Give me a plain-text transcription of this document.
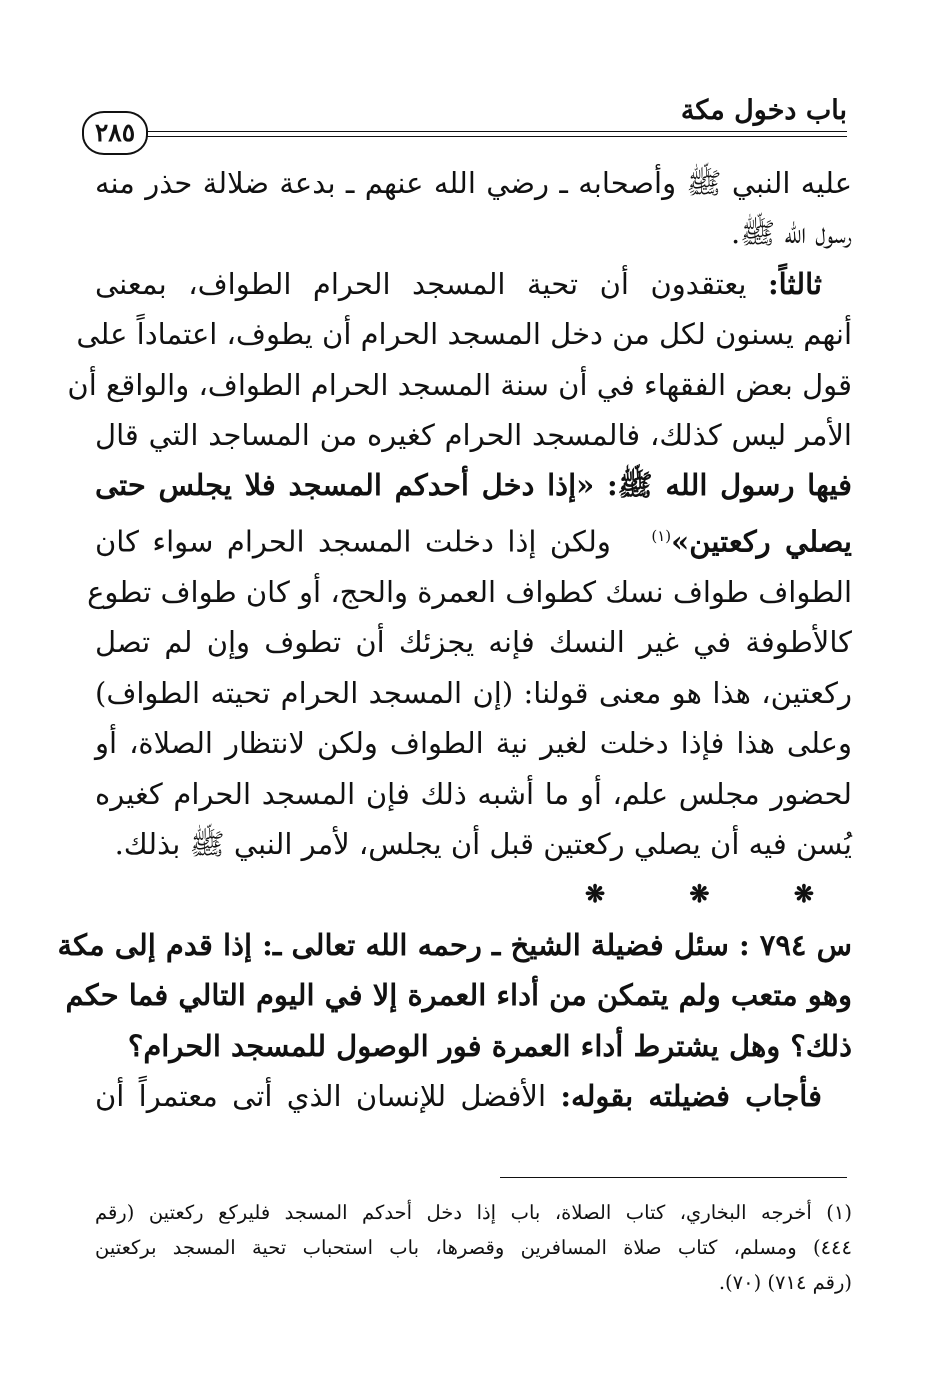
باب دخول مكة
٢٨٥
عليه النبي ﷺ وأصحابه ـ رضي الله عنهم ـ بدعة ضلالة حذر منه
رسول الله ﷺ.
ثالثاً: يعتقدون أن تحية المسجد الحرام الطواف، بمعنى
أنهم يسنون لكل من دخل المسجد الحرام أن يطوف، اعتماداً على
قول بعض الفقهاء في أن سنة المسجد الحرام الطواف، والواقع أن
الأمر ليس كذلك، فالمسجد الحرام كغيره من المساجد التي قال
فيها رسول الله ﷺ: «إذا دخل أحدكم المسجد فلا يجلس حتى
يصلي ركعتين»$^{(١)}$   ولكن إذا دخلت المسجد الحرام سواء كان
الطواف طواف نسك كطواف العمرة والحج، أو كان طواف تطوع
كالأطوفة في غير النسك فإنه يجزئك أن تطوف وإن لم تصل
ركعتين، هذا هو معنى قولنا: (إن المسجد الحرام تحيته الطواف)
وعلى هذا فإذا دخلت لغير نية الطواف ولكن لانتظار الصلاة، أو
لحضور مجلس علم، أو ما أشبه ذلك فإن المسجد الحرام كغيره
يُسن فيه أن يصلي ركعتين قبل أن يجلس، لأمر النبي ﷺ بذلك.
❋ ❋ ❋
س ٧٩٤ : سئل فضيلة الشيخ ـ رحمه الله تعالى ـ: إذا قدم إلى مكة
وهو متعب ولم يتمكن من أداء العمرة إلا في اليوم التالي فما حكم
ذلك؟ وهل يشترط أداء العمرة فور الوصول للمسجد الحرام؟
فأجاب فضيلته بقوله: الأفضل للإنسان الذي أتى معتمراً أن
(١) أخرجه البخاري، كتاب الصلاة، باب إذا دخل أحدكم المسجد فليركع ركعتين (رقم
٤٤٤) ومسلم، كتاب صلاة المسافرين وقصرها، باب استحباب تحية المسجد بركعتين
(رقم ٧١٤) (٧٠).
